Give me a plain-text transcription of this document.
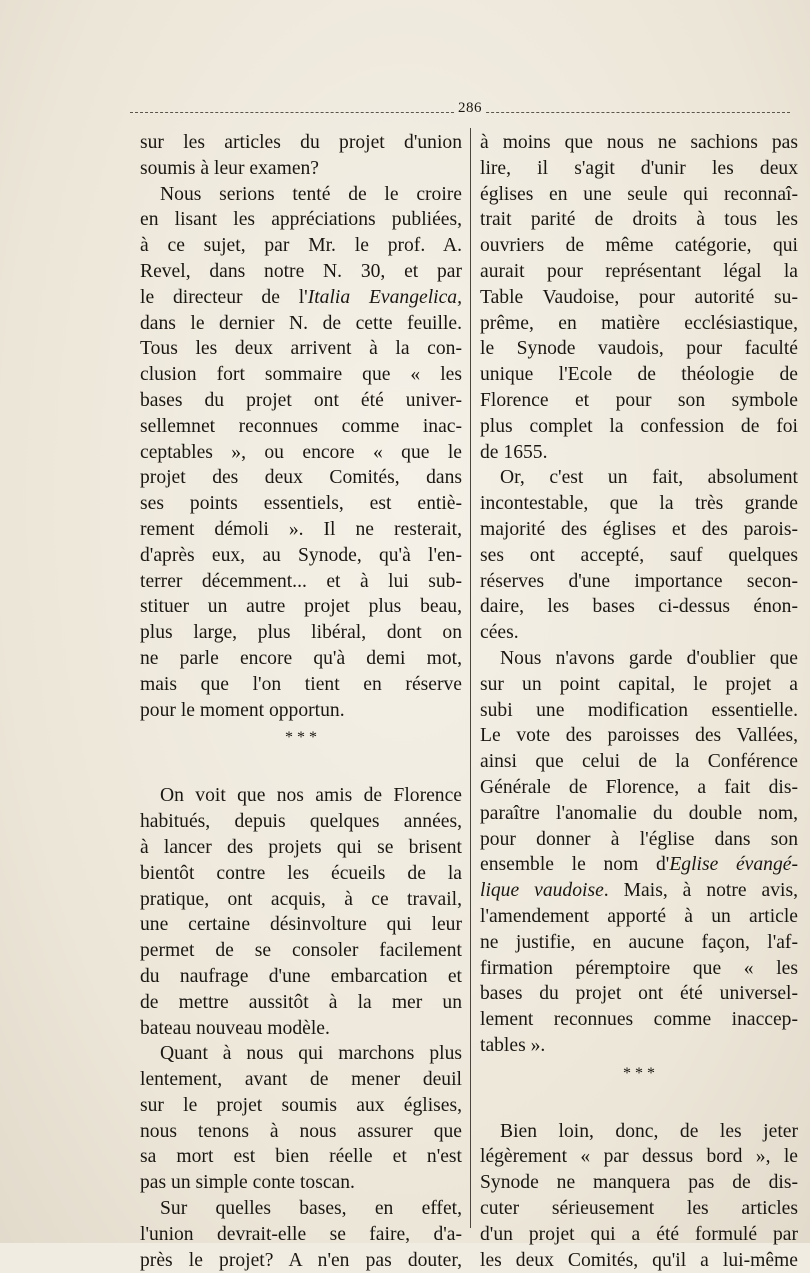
286

sur les articles du projet d'union
soumis à leur examen?

Nous serions tenté de le croire
en lisant les appréciations publiées,
à ce sujet, par Mr. le prof. A.
Revel, dans notre N. 30, et par
le directeur de l'Italia Evangelica,
dans le dernier N. de cette feuille.
Tous les deux arrivent à la con-
clusion fort sommaire que « les
bases du projet ont été univer-
sellemnet reconnues comme inac-
ceptables », ou encore « que le
projet des deux Comités, dans
ses points essentiels, est entiè-
rement démoli ». Il ne resterait,
d'après eux, au Synode, qu'à l'en-
terrer décemment... et à lui sub-
stituer un autre projet plus beau,
plus large, plus libéral, dont on
ne parle encore qu'à demi mot,
mais que l'on tient en réserve
pour le moment opportun.

* * *

On voit que nos amis de Florence
habitués, depuis quelques années,
à lancer des projets qui se brisent
bientôt contre les écueils de la
pratique, ont acquis, à ce travail,
une certaine désinvolture qui leur
permet de se consoler facilement
du naufrage d'une embarcation et
de mettre aussitôt à la mer un
bateau nouveau modèle.

Quant à nous qui marchons plus
lentement, avant de mener deuil
sur le projet soumis aux églises,
nous tenons à nous assurer que
sa mort est bien réelle et n'est
pas un simple conte toscan.

Sur quelles bases, en effet,
l'union devrait-elle se faire, d'a-
près le projet? A n'en pas douter,

à moins que nous ne sachions pas
lire, il s'agit d'unir les deux
églises en une seule qui reconnaî-
trait parité de droits à tous les
ouvriers de même catégorie, qui
aurait pour représentant légal la
Table Vaudoise, pour autorité su-
prême, en matière ecclésiastique,
le Synode vaudois, pour faculté
unique l'Ecole de théologie de
Florence et pour son symbole
plus complet la confession de foi
de 1655.

Or, c'est un fait, absolument
incontestable, que la très grande
majorité des églises et des parois-
ses ont accepté, sauf quelques
réserves d'une importance secon-
daire, les bases ci-dessus énon-
cées.

Nous n'avons garde d'oublier que
sur un point capital, le projet a
subi une modification essentielle.
Le vote des paroisses des Vallées,
ainsi que celui de la Conférence
Générale de Florence, a fait dis-
paraître l'anomalie du double nom,
pour donner à l'église dans son
ensemble le nom d'Eglise évangé-
lique vaudoise. Mais, à notre avis,
l'amendement apporté à un article
ne justifie, en aucune façon, l'af-
firmation péremptoire que « les
bases du projet ont été universel-
lement reconnues comme inaccep-
tables ».

* * *

Bien loin, donc, de les jeter
légèrement « par dessus bord », le
Synode ne manquera pas de dis-
cuter sérieusement les articles
d'un projet qui a été formulé par
les deux Comités, qu'il a lui-même
